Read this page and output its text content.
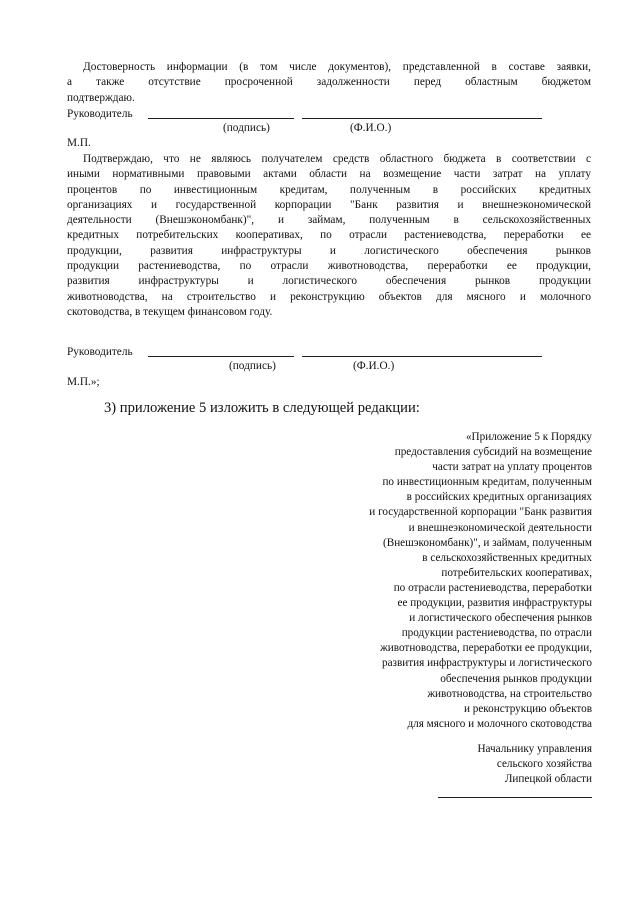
Достоверность информации (в том числе документов), представленной в составе заявки,
а также отсутствие просроченной задолженности перед областным бюджетом
подтверждаю.
Руководитель
(подпись)	(Ф.И.О.)
М.П.
Подтверждаю, что не являюсь получателем средств областного бюджета в соответствии с
иными нормативными правовыми актами области на возмещение части затрат на уплату
процентов по инвестиционным кредитам, полученным в российских кредитных
организациях и государственной корпорации "Банк развития и внешнеэкономической
деятельности (Внешэкономбанк)", и займам, полученным в сельскохозяйственных
кредитных потребительских кооперативах, по отрасли растениеводства, переработки ее
продукции, развития инфраструктуры и логистического обеспечения рынков
продукции растениеводства, по отрасли животноводства, переработки ее продукции,
развития инфраструктуры и логистического обеспечения рынков продукции
животноводства, на строительство и реконструкцию объектов для мясного и молочного
скотоводства, в текущем финансовом году.
Руководитель
(подпись)	(Ф.И.О.)
М.П.»;
3) приложение 5 изложить в следующей редакции:
«Приложение 5 к Порядку
предоставления субсидий на возмещение
части затрат на уплату процентов
по инвестиционным кредитам, полученным
в российских кредитных организациях
и государственной корпорации "Банк развития
и внешнеэкономической деятельности
(Внешэкономбанк)", и займам, полученным
в сельскохозяйственных кредитных
потребительских кооперативах,
по отрасли растениеводства, переработки
ее продукции, развития инфраструктуры
и логистического обеспечения рынков
продукции растениеводства, по отрасли
животноводства, переработки ее продукции,
развития инфраструктуры и логистического
обеспечения рынков продукции
животноводства, на строительство
и реконструкцию объектов
для мясного и молочного скотоводства
Начальнику управления
сельского хозяйства
Липецкой области
